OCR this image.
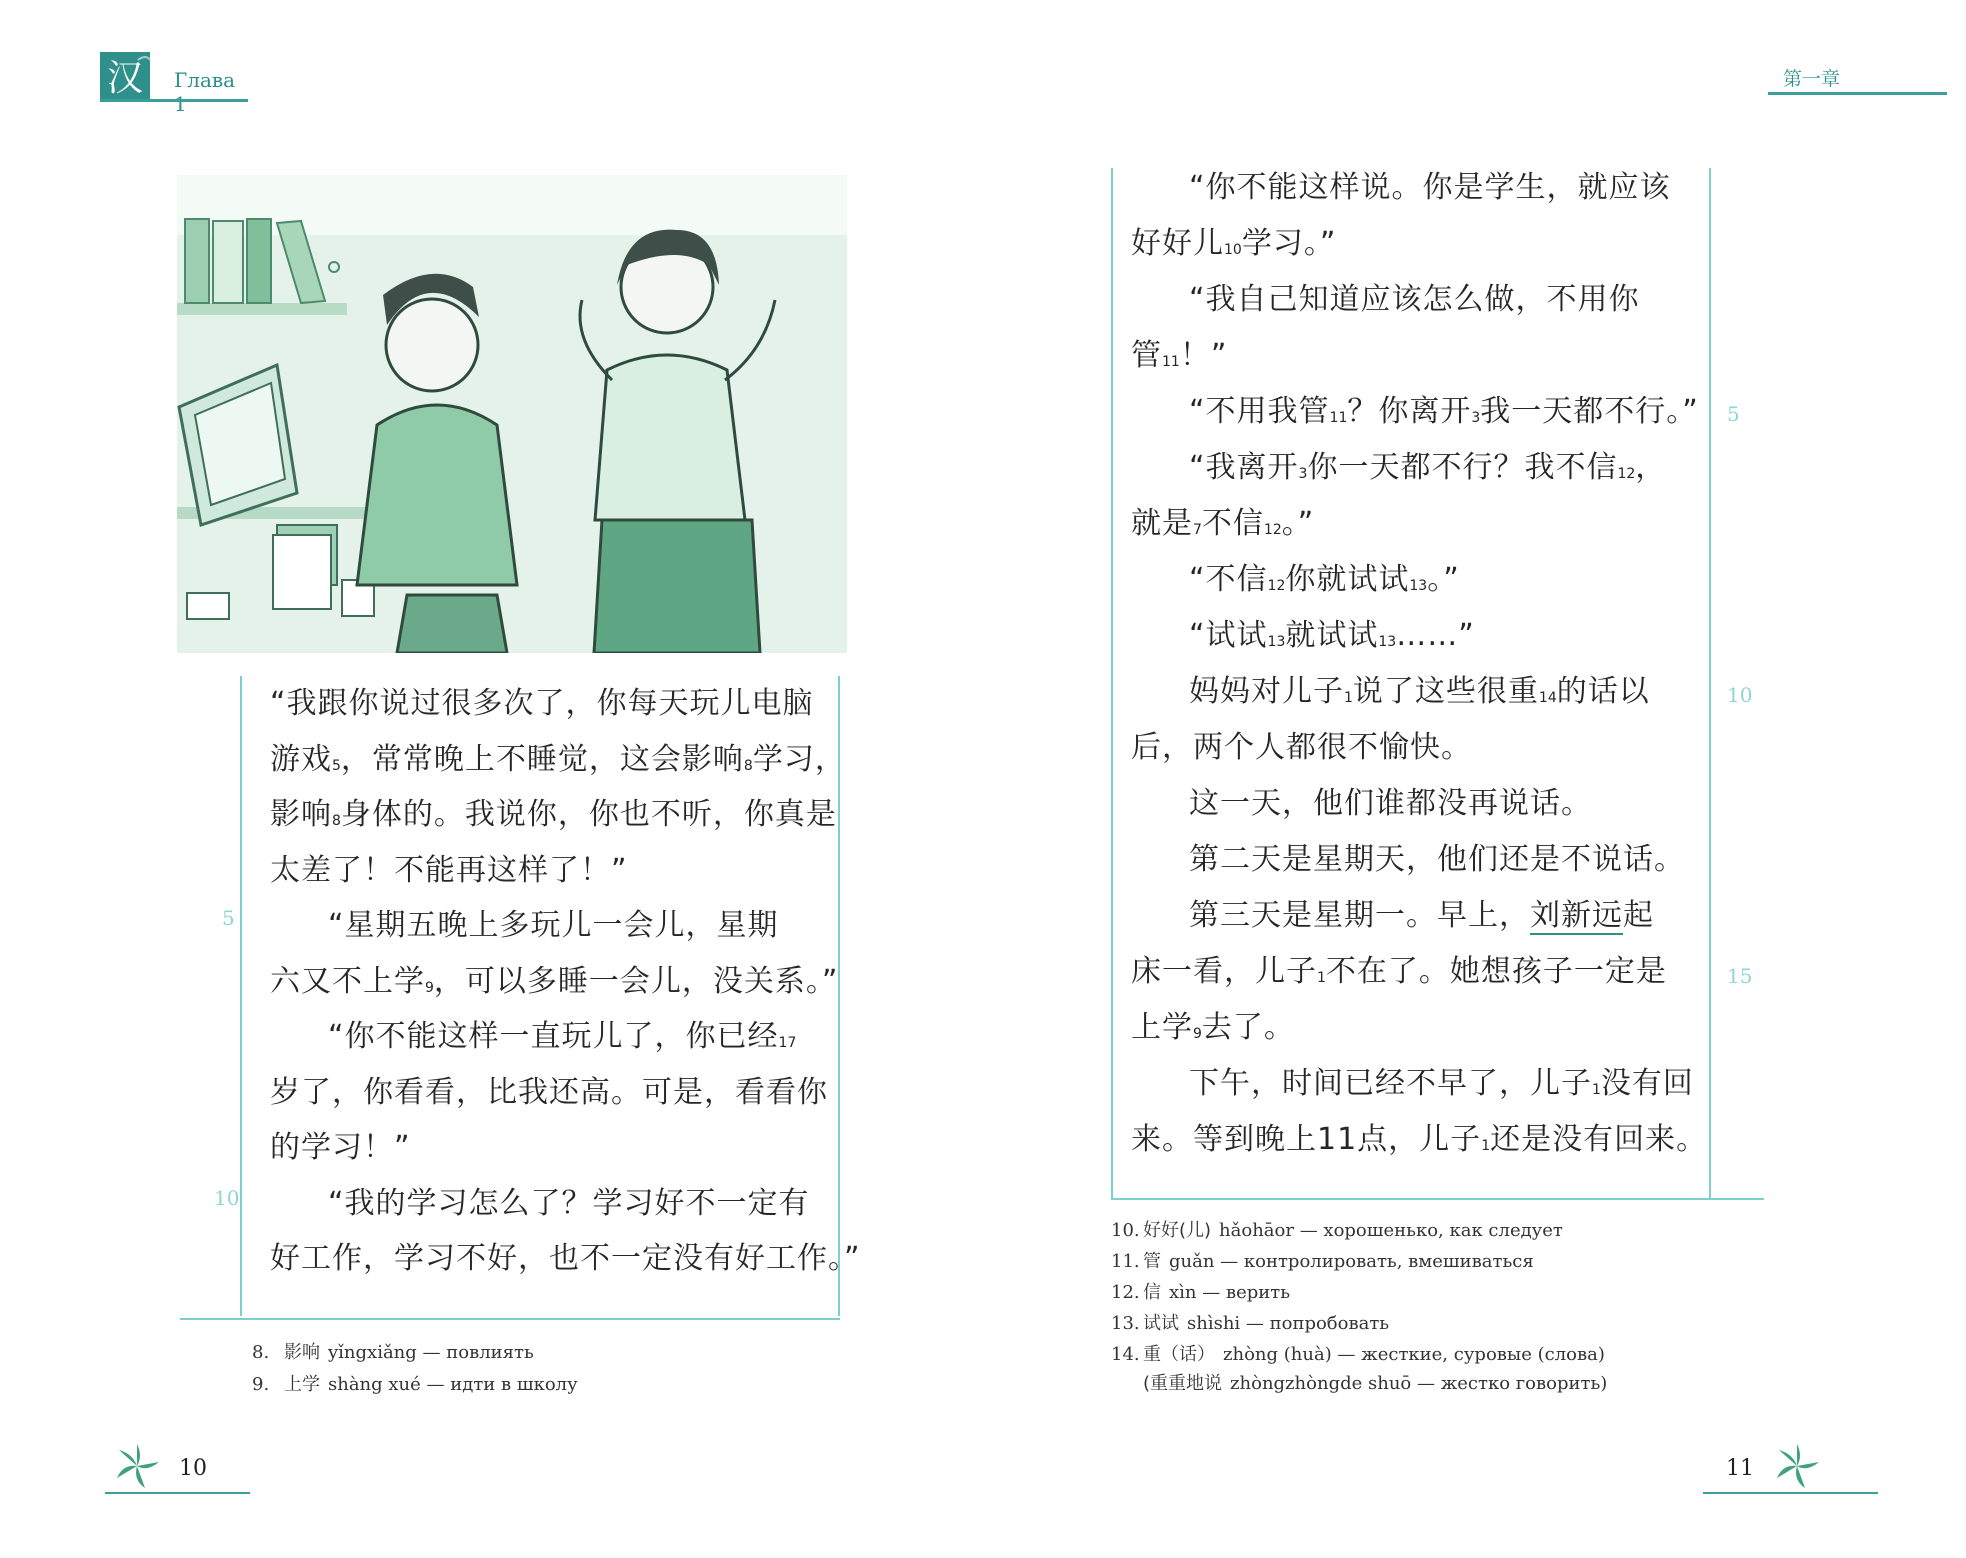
汉 Глава 1
“我跟你说过很多次了，你每天玩儿电脑
游戏$^5$，常常晚上不睡觉，这会影响$^8$学习，
影响$^8$身体的。我说你，你也不听，你真是
太差了！不能再这样了！”
“星期五晚上多玩儿一会儿，星期
六又不上学$^9$，可以多睡一会儿，没关系。”
“你不能这样一直玩儿了，你已经$^{17}$
岁了，你看看，比我还高。可是，看看你
的学习！”
“我的学习怎么了？学习好不一定有
好工作，学习不好，也不一定没有好工作。”
5
10
8. 影响 yǐngxiǎng — повлиять
9. 上学 shàng xué — идти в школу
10
第一章
“你不能这样说。你是学生，就应该
好好儿$^{10}$学习。”
“我自己知道应该怎么做，不用你
管$^{11}$！”
“不用我管$^{11}$？你离开$^3$我一天都不行。”
“我离开$^3$你一天都不行？我不信$^{12}$，
就是$^7$不信$^{12}$。”
“不信$^{12}$你就试试$^{13}$。”
“试试$^{13}$就试试$^{13}$……”
妈妈对儿子$^1$说了这些很重$^{14}$的话以
后，两个人都很不愉快。
这一天，他们谁都没再说话。
第二天是星期天，他们还是不说话。
第三天是星期一。早上，刘新远起
床一看，儿子$^1$不在了。她想孩子一定是
上学$^9$去了。
下午，时间已经不早了，儿子$^1$没有回
来。等到晚上11点，儿子$^1$还是没有回来。
5
10
15
10. 好好(儿) hǎohāor — хорошенько, как следует
11. 管 guǎn — контролировать, вмешиваться
12. 信 xìn — верить
13. 试试 shìshi — попробовать
14. 重（话） zhòng (huà) — жесткие, суровые (слова)
(重重地说 zhòngzhòngde shuō — жестко говорить)
11
